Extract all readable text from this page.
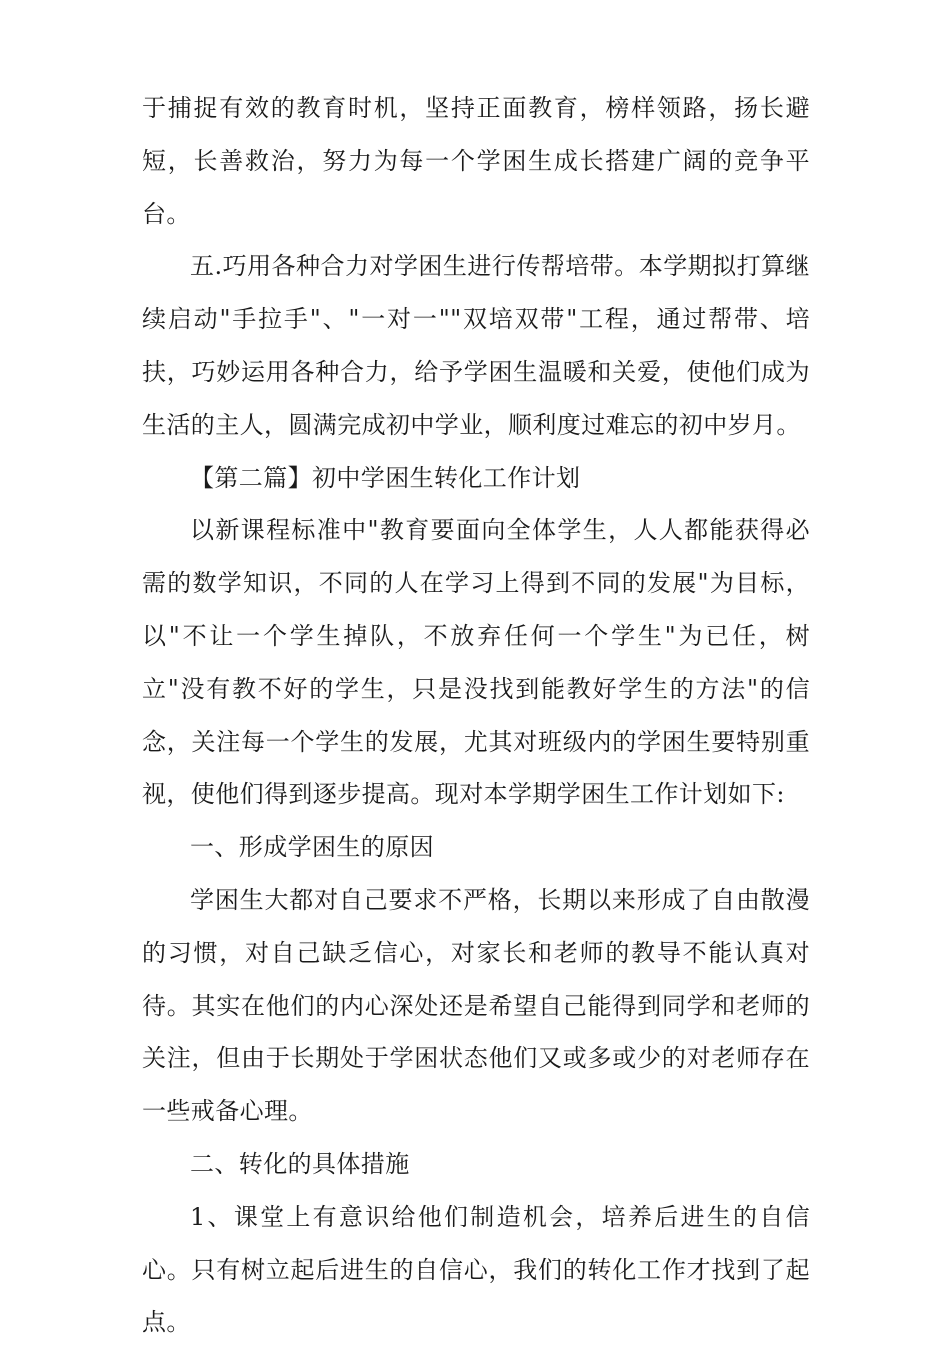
于捕捉有效的教育时机，坚持正面教育，榜样领路，扬长避短，长善救治，努力为每一个学困生成长搭建广阔的竞争平台。

五.巧用各种合力对学困生进行传帮培带。本学期拟打算继续启动"手拉手"、"一对一""双培双带"工程，通过帮带、培扶，巧妙运用各种合力，给予学困生温暖和关爱，使他们成为生活的主人，圆满完成初中学业，顺利度过难忘的初中岁月。

【第二篇】初中学困生转化工作计划

以新课程标准中"教育要面向全体学生，人人都能获得必需的数学知识，不同的人在学习上得到不同的发展"为目标，以"不让一个学生掉队，不放弃任何一个学生"为已任，树立"没有教不好的学生，只是没找到能教好学生的方法"的信念，关注每一个学生的发展，尤其对班级内的学困生要特别重视，使他们得到逐步提高。现对本学期学困生工作计划如下:

一、形成学困生的原因

学困生大都对自己要求不严格，长期以来形成了自由散漫的习惯，对自己缺乏信心，对家长和老师的教导不能认真对待。其实在他们的内心深处还是希望自己能得到同学和老师的关注，但由于长期处于学困状态他们又或多或少的对老师存在一些戒备心理。

二、转化的具体措施

1、课堂上有意识给他们制造机会，培养后进生的自信心。只有树立起后进生的自信心，我们的转化工作才找到了起点。
